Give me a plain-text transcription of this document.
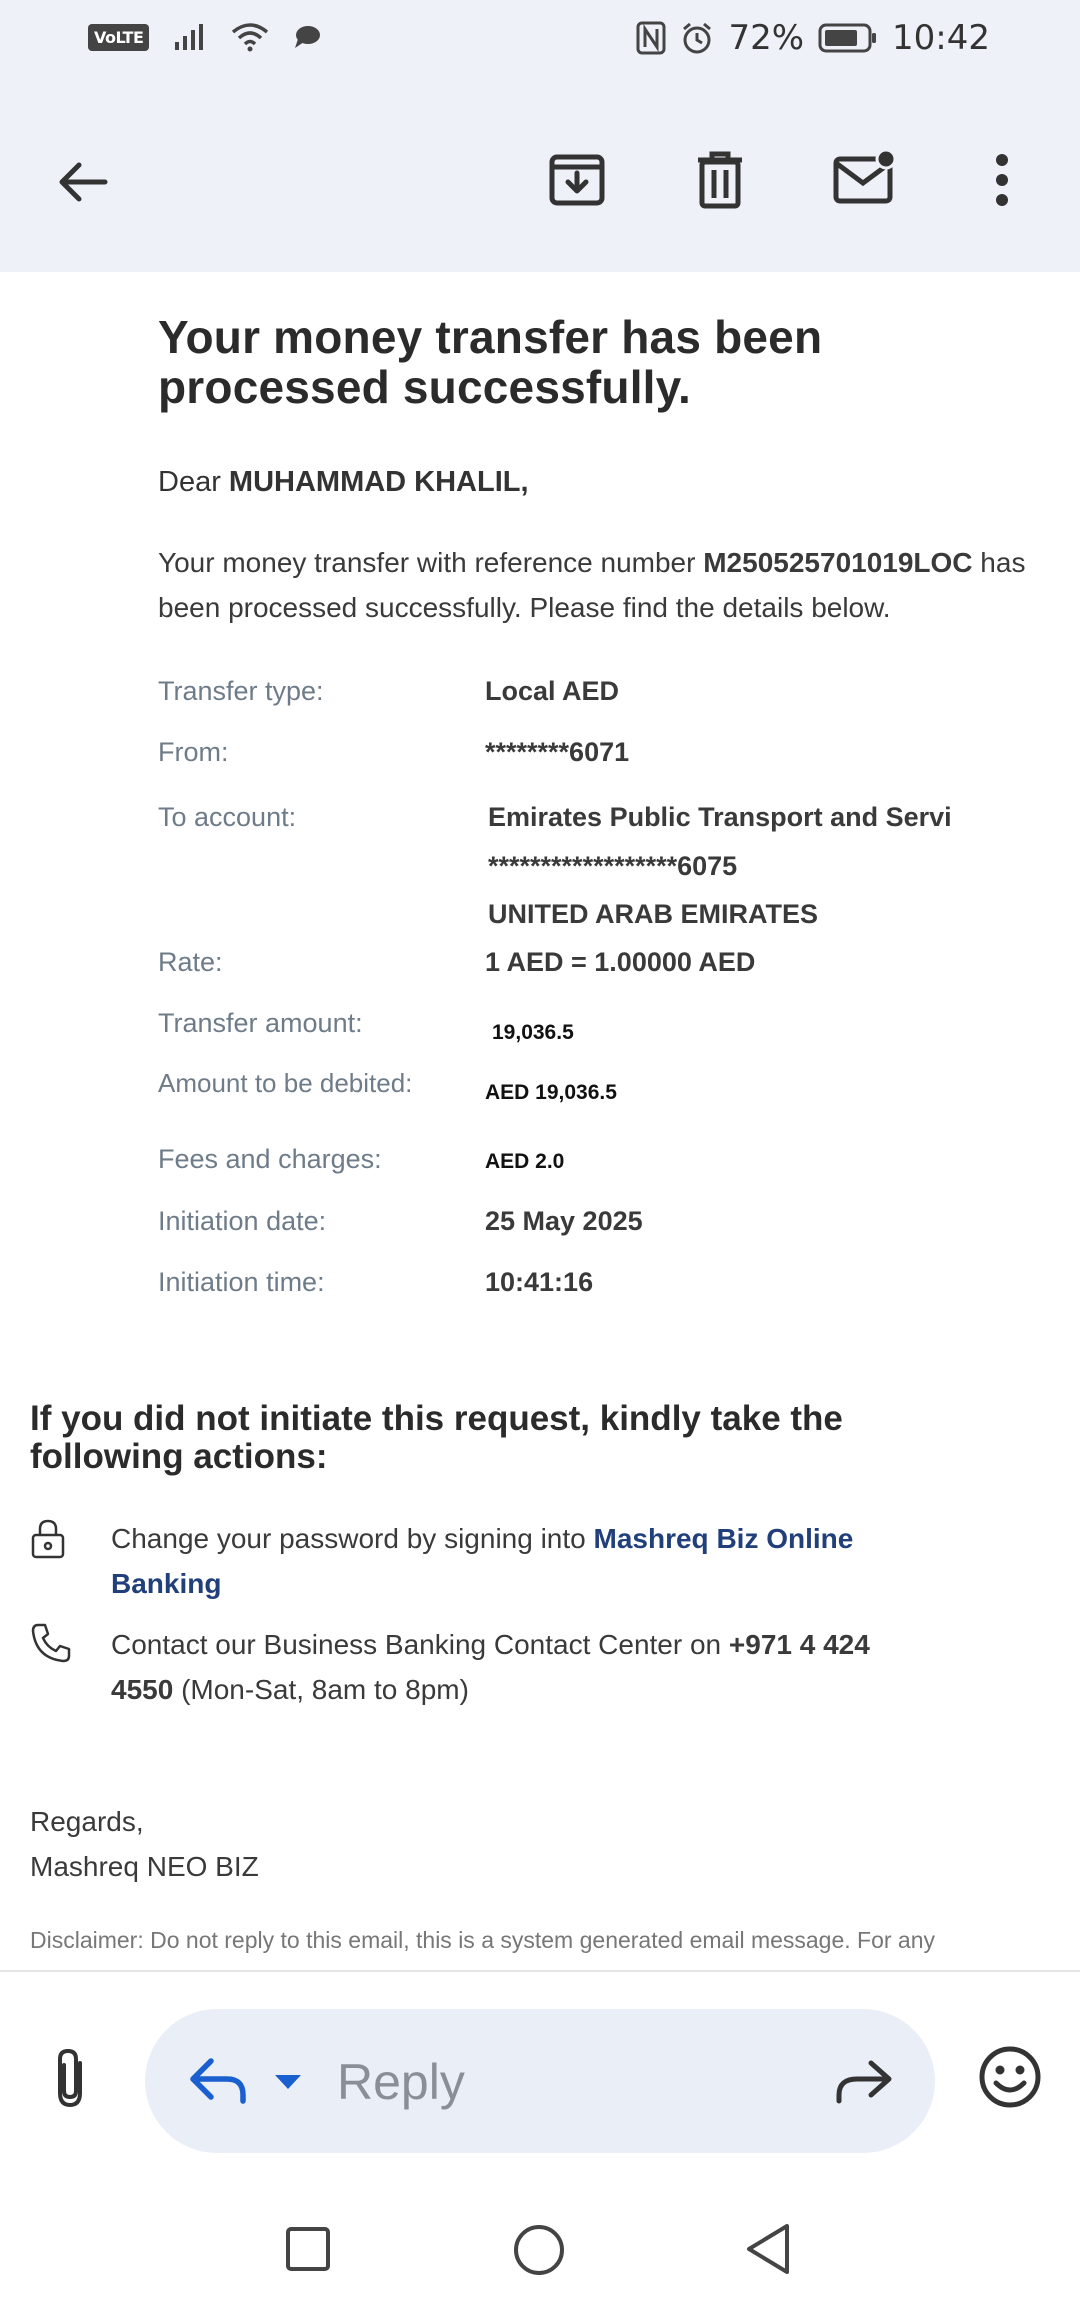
VoLTE	72%	10:42
Your money transfer has been processed successfully.
Dear MUHAMMAD KHALIL,
Your money transfer with reference number M250525701019LOC has been processed successfully. Please find the details below.
Transfer type:	Local AED
From:	********6071
To account:	Emirates Public Transport and Servi
******************6075
UNITED ARAB EMIRATES
Rate:	1 AED = 1.00000 AED
Transfer amount:	19,036.5
Amount to be debited:	AED 19,036.5
Fees and charges:	AED 2.0
Initiation date:	25 May 2025
Initiation time:	10:41:16
If you did not initiate this request, kindly take the following actions:
Change your password by signing into Mashreq Biz Online Banking
Contact our Business Banking Contact Center on +971 4 424 4550 (Mon-Sat, 8am to 8pm)
Regards,
Mashreq NEO BIZ
Disclaimer: Do not reply to this email, this is a system generated email message. For any
Reply
